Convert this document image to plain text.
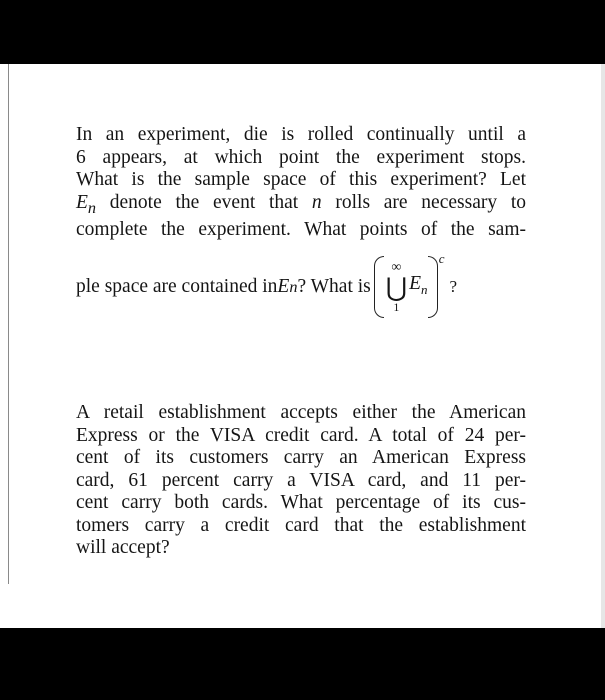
In an experiment, die is rolled continually until a
6 appears, at which point the experiment stops.
What is the sample space of this experiment? Let
$E_n$ denote the event that n rolls are necessary to
complete the experiment. What points of the sam-
ple space are contained in E n ? What is
∞
⋃
1
$E_n$
c
?
A retail establishment accepts either the American
Express or the VISA credit card. A total of 24 per-
cent of its customers carry an American Express
card, 61 percent carry a VISA card, and 11 per-
cent carry both cards. What percentage of its cus-
tomers carry a credit card that the establishment
will accept?
